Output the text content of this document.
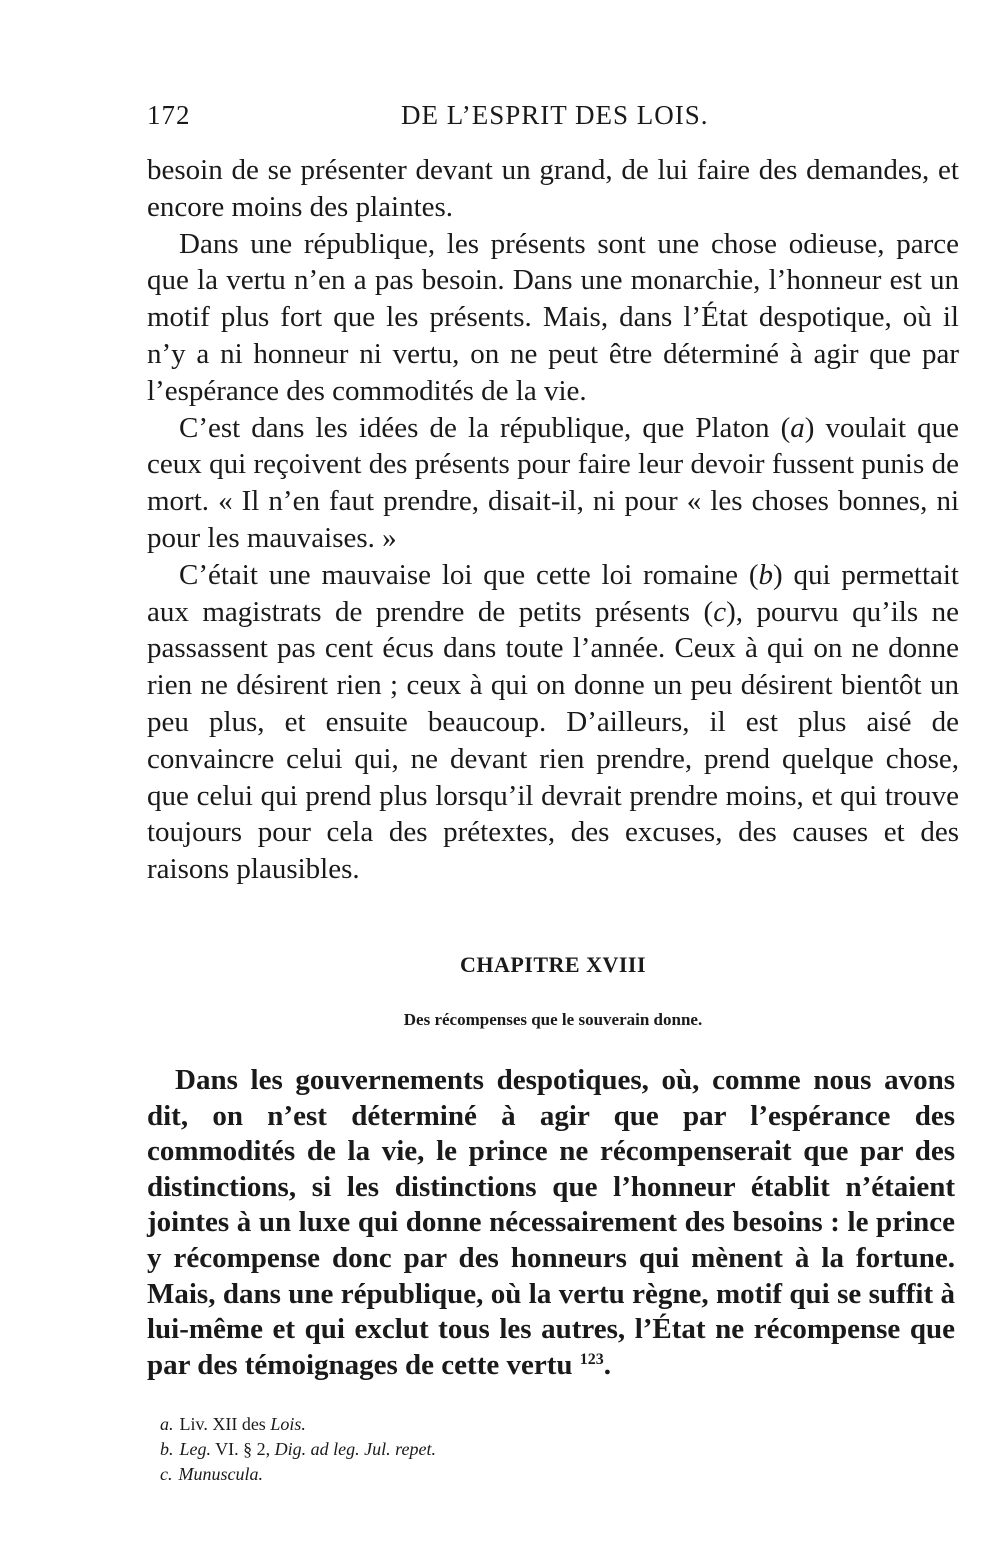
172	DE L’ESPRIT DES LOIS.

besoin de se présenter devant un grand, de lui faire des demandes, et encore moins des plaintes.

Dans une république, les présents sont une chose odieuse, parce que la vertu n’en a pas besoin. Dans une monarchie, l’honneur est un motif plus fort que les présents. Mais, dans l’État despotique, où il n’y a ni honneur ni vertu, on ne peut être déterminé à agir que par l’espérance des commodités de la vie.

C’est dans les idées de la république, que Platon (a) voulait que ceux qui reçoivent des présents pour faire leur devoir fussent punis de mort. « Il n’en faut prendre, disait-il, ni pour « les choses bonnes, ni pour les mauvaises. »

C’était une mauvaise loi que cette loi romaine (b) qui permettait aux magistrats de prendre de petits présents (c), pourvu qu’ils ne passassent pas cent écus dans toute l’année. Ceux à qui on ne donne rien ne désirent rien ; ceux à qui on donne un peu désirent bientôt un peu plus, et ensuite beaucoup. D’ailleurs, il est plus aisé de convaincre celui qui, ne devant rien prendre, prend quelque chose, que celui qui prend plus lorsqu’il devrait prendre moins, et qui trouve toujours pour cela des prétextes, des excuses, des causes et des raisons plausibles.

CHAPITRE XVIII
Des récompenses que le souverain donne.

Dans les gouvernements despotiques, où, comme nous avons dit, on n’est déterminé à agir que par l’espérance des commodités de la vie, le prince ne récompenserait que par des distinctions, si les distinctions que l’honneur établit n’étaient jointes à un luxe qui donne nécessairement des besoins : le prince y récompense donc par des honneurs qui mènent à la fortune. Mais, dans une république, où la vertu règne, motif qui se suffit à lui-même et qui exclut tous les autres, l’État ne récompense que par des témoignages de cette vertu $^{123}$.

a. Liv. XII des Lois.
b. Leg. VI. § 2, Dig. ad leg. Jul. repet.
c. Munuscula.
